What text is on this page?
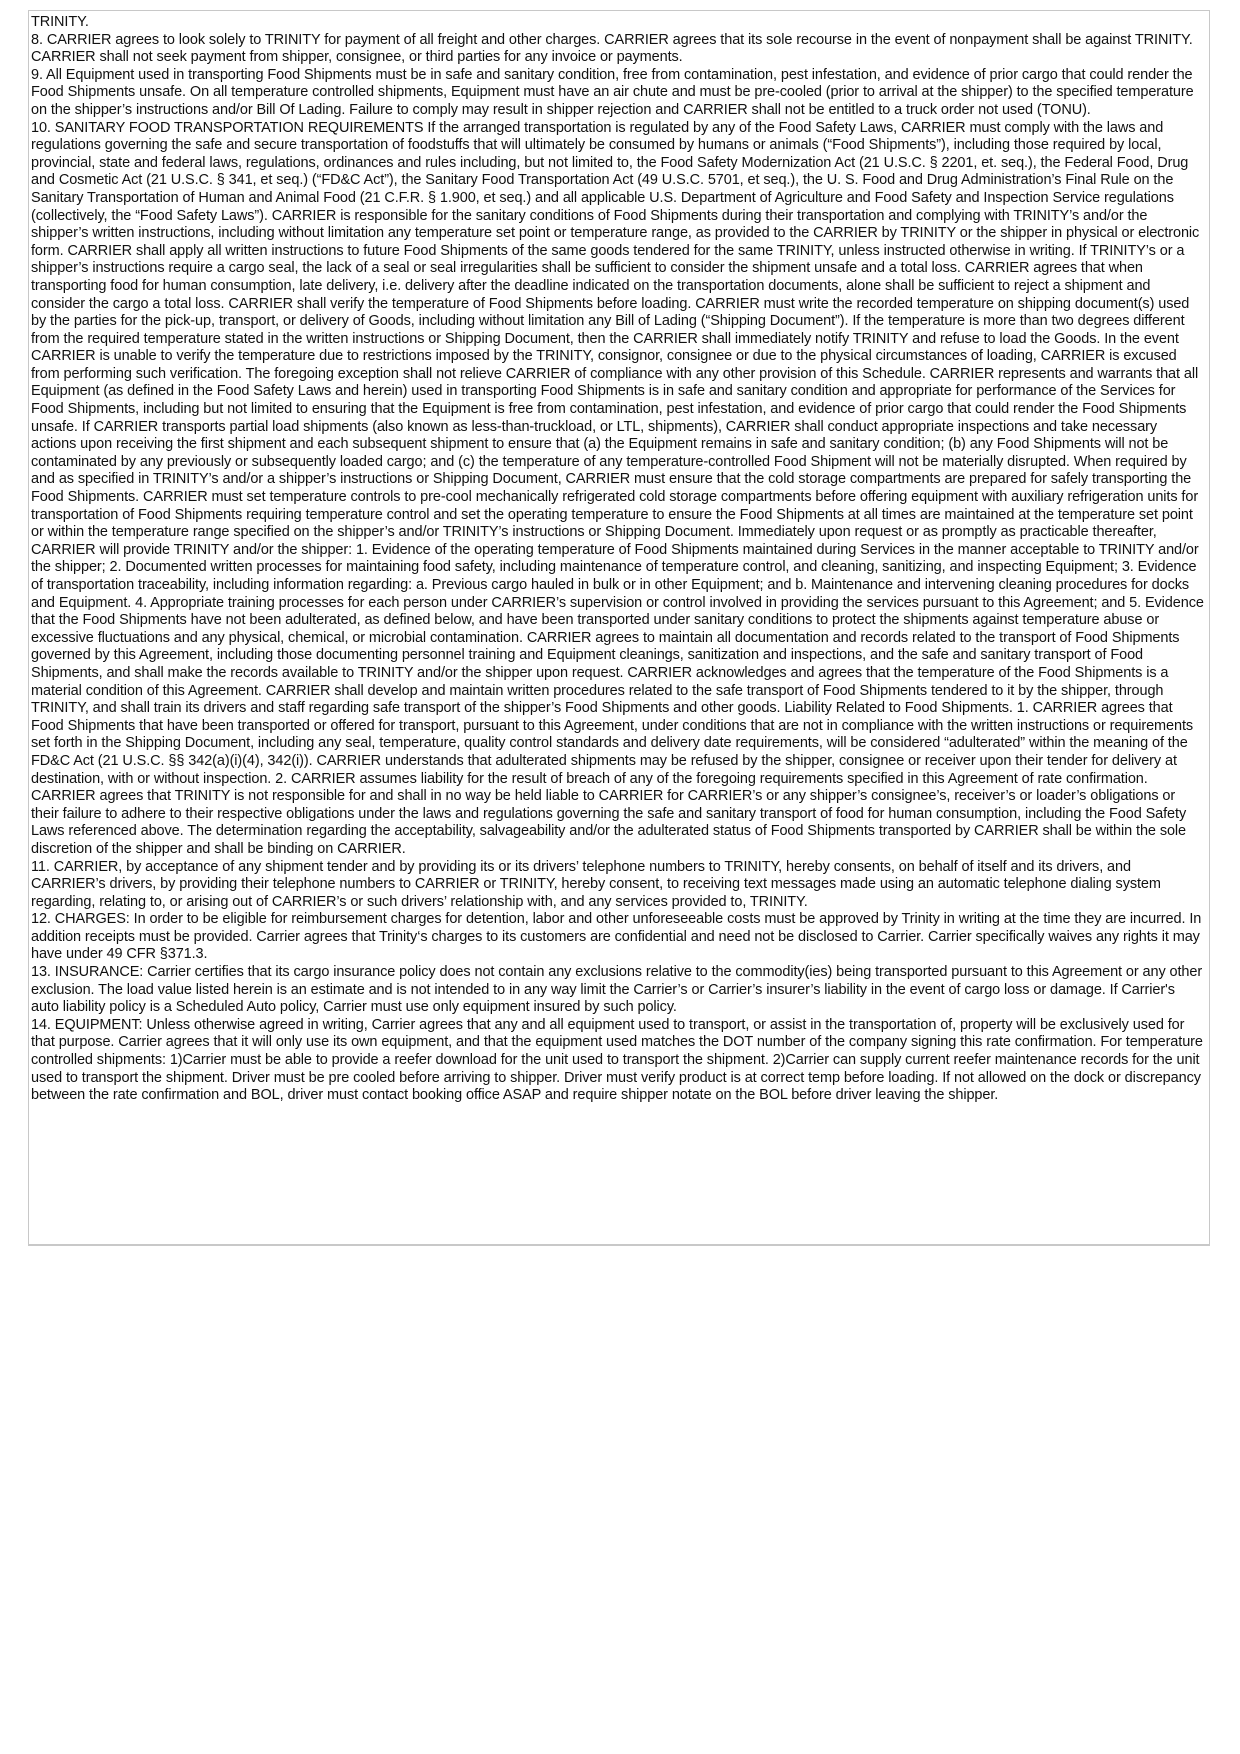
TRINITY.

8. CARRIER agrees to look solely to TRINITY for payment of all freight and other charges. CARRIER agrees that its sole recourse in the event of nonpayment shall be against TRINITY. CARRIER shall not seek payment from shipper, consignee, or third parties for any invoice or payments.

9. All Equipment used in transporting Food Shipments must be in safe and sanitary condition, free from contamination, pest infestation, and evidence of prior cargo that could render the Food Shipments unsafe. On all temperature controlled shipments, Equipment must have an air chute and must be pre-cooled (prior to arrival at the shipper) to the specified temperature on the shipper’s instructions and/or Bill Of Lading. Failure to comply may result in shipper rejection and CARRIER shall not be entitled to a truck order not used (TONU).

10. SANITARY FOOD TRANSPORTATION REQUIREMENTS If the arranged transportation is regulated by any of the Food Safety Laws, CARRIER must comply with the laws and regulations governing the safe and secure transportation of foodstuffs that will ultimately be consumed by humans or animals (“Food Shipments”), including those required by local, provincial, state and federal laws, regulations, ordinances and rules including, but not limited to, the Food Safety Modernization Act (21 U.S.C. § 2201, et. seq.), the Federal Food, Drug and Cosmetic Act (21 U.S.C. § 341, et seq.) (“FD&C Act”), the Sanitary Food Transportation Act (49 U.S.C. 5701, et seq.), the U. S. Food and Drug Administration’s Final Rule on the Sanitary Transportation of Human and Animal Food (21 C.F.R. § 1.900, et seq.) and all applicable U.S. Department of Agriculture and Food Safety and Inspection Service regulations (collectively, the “Food Safety Laws”). CARRIER is responsible for the sanitary conditions of Food Shipments during their transportation and complying with TRINITY’s and/or the shipper’s written instructions, including without limitation any temperature set point or temperature range, as provided to the CARRIER by TRINITY or the shipper in physical or electronic form. CARRIER shall apply all written instructions to future Food Shipments of the same goods tendered for the same TRINITY, unless instructed otherwise in writing. If TRINITY’s or a shipper’s instructions require a cargo seal, the lack of a seal or seal irregularities shall be sufficient to consider the shipment unsafe and a total loss. CARRIER agrees that when transporting food for human consumption, late delivery, i.e. delivery after the deadline indicated on the transportation documents, alone shall be sufficient to reject a shipment and consider the cargo a total loss. CARRIER shall verify the temperature of Food Shipments before loading. CARRIER must write the recorded temperature on shipping document(s) used by the parties for the pick-up, transport, or delivery of Goods, including without limitation any Bill of Lading (“Shipping Document”). If the temperature is more than two degrees different from the required temperature stated in the written instructions or Shipping Document, then the CARRIER shall immediately notify TRINITY and refuse to load the Goods. In the event CARRIER is unable to verify the temperature due to restrictions imposed by the TRINITY, consignor, consignee or due to the physical circumstances of loading, CARRIER is excused from performing such verification. The foregoing exception shall not relieve CARRIER of compliance with any other provision of this Schedule. CARRIER represents and warrants that all Equipment (as defined in the Food Safety Laws and herein) used in transporting Food Shipments is in safe and sanitary condition and appropriate for performance of the Services for Food Shipments, including but not limited to ensuring that the Equipment is free from contamination, pest infestation, and evidence of prior cargo that could render the Food Shipments unsafe. If CARRIER transports partial load shipments (also known as less-than-truckload, or LTL, shipments), CARRIER shall conduct appropriate inspections and take necessary actions upon receiving the first shipment and each subsequent shipment to ensure that (a) the Equipment remains in safe and sanitary condition; (b) any Food Shipments will not be contaminated by any previously or subsequently loaded cargo; and (c) the temperature of any temperature-controlled Food Shipment will not be materially disrupted. When required by and as specified in TRINITY’s and/or a shipper’s instructions or Shipping Document, CARRIER must ensure that the cold storage compartments are prepared for safely transporting the Food Shipments. CARRIER must set temperature controls to pre-cool mechanically refrigerated cold storage compartments before offering equipment with auxiliary refrigeration units for transportation of Food Shipments requiring temperature control and set the operating temperature to ensure the Food Shipments at all times are maintained at the temperature set point or within the temperature range specified on the shipper’s and/or TRINITY’s instructions or Shipping Document. Immediately upon request or as promptly as practicable thereafter, CARRIER will provide TRINITY and/or the shipper: 1. Evidence of the operating temperature of Food Shipments maintained during Services in the manner acceptable to TRINITY and/or the shipper; 2. Documented written processes for maintaining food safety, including maintenance of temperature control, and cleaning, sanitizing, and inspecting Equipment; 3. Evidence of transportation traceability, including information regarding: a. Previous cargo hauled in bulk or in other Equipment; and b. Maintenance and intervening cleaning procedures for docks and Equipment. 4. Appropriate training processes for each person under CARRIER’s supervision or control involved in providing the services pursuant to this Agreement; and 5. Evidence that the Food Shipments have not been adulterated, as defined below, and have been transported under sanitary conditions to protect the shipments against temperature abuse or excessive fluctuations and any physical, chemical, or microbial contamination. CARRIER agrees to maintain all documentation and records related to the transport of Food Shipments governed by this Agreement, including those documenting personnel training and Equipment cleanings, sanitization and inspections, and the safe and sanitary transport of Food Shipments, and shall make the records available to TRINITY and/or the shipper upon request. CARRIER acknowledges and agrees that the temperature of the Food Shipments is a material condition of this Agreement. CARRIER shall develop and maintain written procedures related to the safe transport of Food Shipments tendered to it by the shipper, through TRINITY, and shall train its drivers and staff regarding safe transport of the shipper’s Food Shipments and other goods. Liability Related to Food Shipments. 1. CARRIER agrees that Food Shipments that have been transported or offered for transport, pursuant to this Agreement, under conditions that are not in compliance with the written instructions or requirements set forth in the Shipping Document, including any seal, temperature, quality control standards and delivery date requirements, will be considered “adulterated” within the meaning of the FD&C Act (21 U.S.C. §§ 342(a)(i)(4), 342(i)). CARRIER understands that adulterated shipments may be refused by the shipper, consignee or receiver upon their tender for delivery at destination, with or without inspection. 2. CARRIER assumes liability for the result of breach of any of the foregoing requirements specified in this Agreement of rate confirmation. CARRIER agrees that TRINITY is not responsible for and shall in no way be held liable to CARRIER for CARRIER’s or any shipper’s consignee’s, receiver’s or loader’s obligations or their failure to adhere to their respective obligations under the laws and regulations governing the safe and sanitary transport of food for human consumption, including the Food Safety Laws referenced above. The determination regarding the acceptability, salvageability and/or the adulterated status of Food Shipments transported by CARRIER shall be within the sole discretion of the shipper and shall be binding on CARRIER.

11. CARRIER, by acceptance of any shipment tender and by providing its or its drivers’ telephone numbers to TRINITY, hereby consents, on behalf of itself and its drivers, and CARRIER’s drivers, by providing their telephone numbers to CARRIER or TRINITY, hereby consent, to receiving text messages made using an automatic telephone dialing system regarding, relating to, or arising out of CARRIER’s or such drivers’ relationship with, and any services provided to, TRINITY.

12. CHARGES: In order to be eligible for reimbursement charges for detention, labor and other unforeseeable costs must be approved by Trinity in writing at the time they are incurred. In addition receipts must be provided. Carrier agrees that Trinity‘s charges to its customers are confidential and need not be disclosed to Carrier. Carrier specifically waives any rights it may have under 49 CFR §371.3.

13. INSURANCE: Carrier certifies that its cargo insurance policy does not contain any exclusions relative to the commodity(ies) being transported pursuant to this Agreement or any other exclusion. The load value listed herein is an estimate and is not intended to in any way limit the Carrier’s or Carrier’s insurer’s liability in the event of cargo loss or damage. If Carrier's auto liability policy is a Scheduled Auto policy, Carrier must use only equipment insured by such policy.

14. EQUIPMENT: Unless otherwise agreed in writing, Carrier agrees that any and all equipment used to transport, or assist in the transportation of, property will be exclusively used for that purpose. Carrier agrees that it will only use its own equipment, and that the equipment used matches the DOT number of the company signing this rate confirmation. For temperature controlled shipments: 1)Carrier must be able to provide a reefer download for the unit used to transport the shipment. 2)Carrier can supply current reefer maintenance records for the unit used to transport the shipment. Driver must be pre cooled before arriving to shipper. Driver must verify product is at correct temp before loading. If not allowed on the dock or discrepancy between the rate confirmation and BOL, driver must contact booking office ASAP and require shipper notate on the BOL before driver leaving the shipper.
